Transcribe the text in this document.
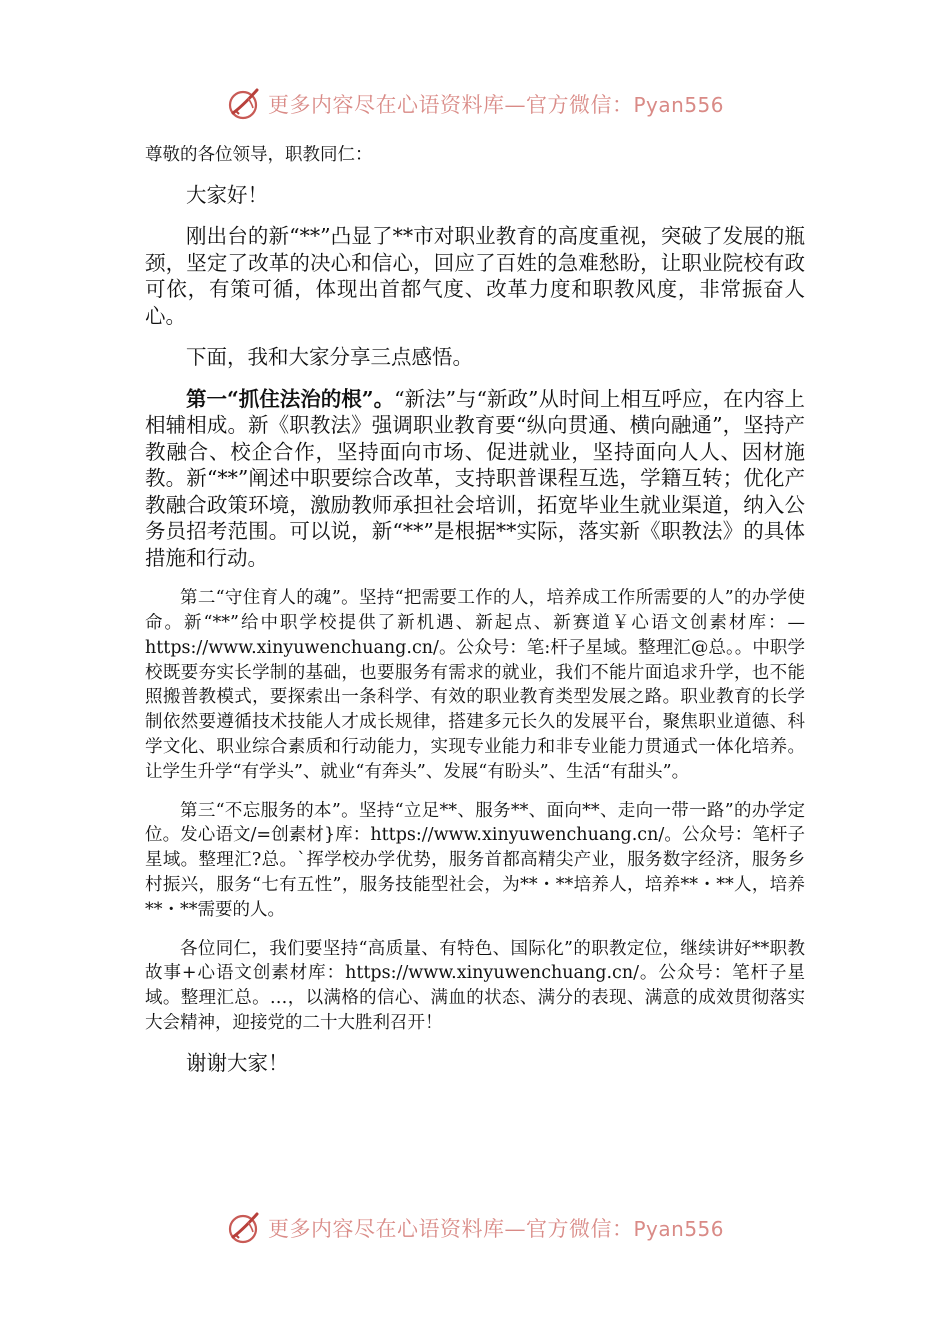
更多内容尽在心语资料库—官方微信：Pyan556

尊敬的各位领导，职教同仁：

大家好！

刚出台的新“**”凸显了**市对职业教育的高度重视，突破了发展的瓶颈，坚定了改革的决心和信心，回应了百姓的急难愁盼，让职业院校有政可依，有策可循，体现出首都气度、改革力度和职教风度，非常振奋人心。

下面，我和大家分享三点感悟。

第一“抓住法治的根”。“新法”与“新政”从时间上相互呼应，在内容上相辅相成。新《职教法》强调职业教育要“纵向贯通、横向融通”，坚持产教融合、校企合作，坚持面向市场、促进就业，坚持面向人人、因材施教。新“**”阐述中职要综合改革，支持职普课程互选，学籍互转；优化产教融合政策环境，激励教师承担社会培训，拓宽毕业生就业渠道，纳入公务员招考范围。可以说，新“**”是根据**实际，落实新《职教法》的具体措施和行动。

第二“守住育人的魂”。坚持“把需要工作的人，培养成工作所需要的人”的办学使命。新“**”给中职学校提供了新机遇、新起点、新赛道￥心语文创素材库：—https://www.xinyuwenchuang.cn/。公众号：笔:杆子星域。整理汇@总。。中职学校既要夯实长学制的基础，也要服务有需求的就业，我们不能片面追求升学，也不能照搬普教模式，要探索出一条科学、有效的职业教育类型发展之路。职业教育的长学制依然要遵循技术技能人才成长规律，搭建多元长久的发展平台，聚焦职业道德、科学文化、职业综合素质和行动能力，实现专业能力和非专业能力贯通式一体化培养。让学生升学“有学头”、就业“有奔头”、发展“有盼头”、生活“有甜头”。

第三“不忘服务的本”。坚持“立足**、服务**、面向**、走向一带一路”的办学定位。发心语文/=创素材}库：https://www.xinyuwenchuang.cn/。公众号：笔杆子星域。整理汇?总。`挥学校办学优势，服务首都高精尖产业，服务数字经济，服务乡村振兴，服务“七有五性”，服务技能型社会，为**・**培养人，培养**・**人，培养**・**需要的人。

各位同仁，我们要坚持“高质量、有特色、国际化”的职教定位，继续讲好**职教故事+心语文创素材库：https://www.xinyuwenchuang.cn/。公众号：笔杆子星域。整理汇总。…，以满格的信心、满血的状态、满分的表现、满意的成效贯彻落实大会精神，迎接党的二十大胜利召开！

谢谢大家！

更多内容尽在心语资料库—官方微信：Pyan556
